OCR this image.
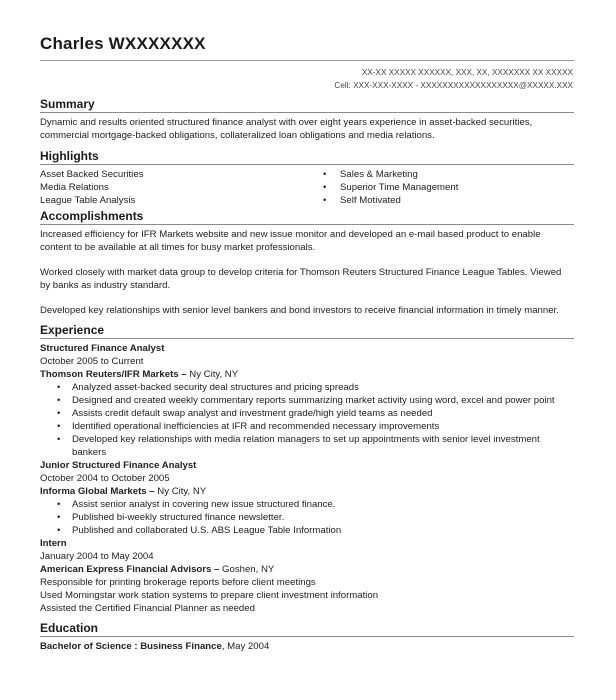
Charles WXXXXXXX
XX-XX XXXXX XXXXXX, XXX, XX, XXXXXXX XX XXXXX
Cell: XXX-XXX-XXXX - XXXXXXXXXXXXXXXXXX@XXXXX.XXX
Summary

Dynamic and results oriented structured finance analyst with over eight years experience in asset-backed securities, commercial mortgage-backed obligations, collateralized loan obligations and media relations.

Highlights
Asset Backed Securities
Media Relations
League Table Analysis
• Sales & Marketing
• Superior Time Management
• Self Motivated
Accomplishments

Increased efficiency for IFR Markets website and new issue monitor and developed an e-mail based product to enable content to be available at all times for busy market professionals.

Worked closely with market data group to develop criteria for Thomson Reuters Structured Finance League Tables. Viewed by banks as industry standard.

Developed key relationships with senior level bankers and bond investors to receive financial information in timely manner.

Experience
Structured Finance Analyst
October 2005 to Current
Thomson Reuters/IFR Markets – Ny City, NY
• Analyzed asset-backed security deal structures and pricing spreads
• Designed and created weekly commentary reports summarizing market activity using word, excel and power point
• Assists credit default swap analyst and investment grade/high yield teams as needed
• Identified operational inefficiencies at IFR and recommended necessary improvements
• Developed key relationships with media relation managers to set up appointments with senior level investment bankers
Junior Structured Finance Analyst
October 2004 to October 2005
Informa Global Markets – Ny City, NY
• Assist senior analyst in covering new issue structured finance.
• Published bi-weekly structured finance newsletter.
• Published and collaborated U.S. ABS League Table Information
Intern
January 2004 to May 2004
American Express Financial Advisors – Goshen, NY
Responsible for printing brokerage reports before client meetings
Used Morningstar work station systems to prepare client investment information
Assisted the Certified Financial Planner as needed
Education
Bachelor of Science : Business Finance, May 2004
